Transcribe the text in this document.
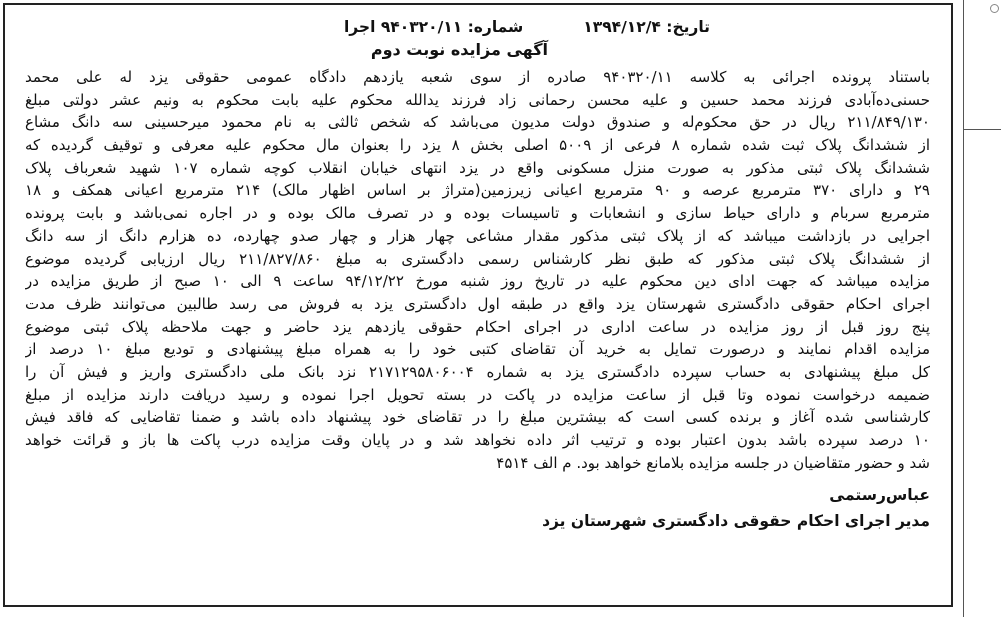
تاریخ: ۱۳۹۴/۱۲/۴
شماره: ۹۴۰۳۲۰/۱۱ اجرا
آگهی مزایده نوبت دوم
باستناد پرونده اجرائی به کلاسه ۹۴۰۳۲۰/۱۱ صادره از سوی شعبه یازدهم دادگاه عمومی حقوقی یزد له علی محمد
حسنی‌ده‌آبادی فرزند محمد حسین و علیه محسن رحمانی زاد فرزند یدالله محکوم علیه بابت محکوم به ونیم عشر دولتی مبلغ
۲۱۱/۸۴۹/۱۳۰ ریال در حق محکوم‌له و صندوق دولت مدیون می‌باشد که شخص ثالثی به نام محمود میرحسینی سه دانگ مشاع
از ششدانگ پلاک ثبت شده شماره ۸ فرعی از ۵۰۰۹ اصلی بخش ۸ یزد را بعنوان مال محکوم علیه معرفی و توقیف گردیده که
ششدانگ پلاک ثبتی مذکور به صورت منزل مسکونی واقع در یزد انتهای خیابان انقلاب کوچه شماره ۱۰۷ شهید شعرباف پلاک
۲۹ و دارای ۳۷۰ مترمربع عرصه و ۹۰ مترمربع اعیانی زیرزمین(متراژ بر اساس اظهار مالک) ۲۱۴ مترمربع اعیانی همکف و ۱۸
مترمربع سربام و دارای حیاط سازی و انشعابات و تاسیسات بوده و در تصرف مالک بوده و در اجاره نمی‌باشد و بابت پرونده
اجرایی در بازداشت میباشد که از پلاک ثبتی مذکور مقدار مشاعی چهار هزار و چهار صدو چهارده، ده هزارم دانگ از سه دانگ
از ششدانگ پلاک ثبتی مذکور که طبق نظر کارشناس رسمی دادگستری به مبلغ ۲۱۱/۸۲۷/۸۶۰ ریال ارزیابی گردیده موضوع
مزایده میباشد که جهت ادای دین محکوم علیه در تاریخ روز شنبه مورخ ۹۴/۱۲/۲۲ ساعت ۹ الی ۱۰ صبح از طریق مزایده در
اجرای احکام حقوقی دادگستری شهرستان یزد واقع در طبقه اول دادگستری یزد به فروش می رسد طالبین می‌توانند ظرف مدت
پنج روز قبل از روز مزایده در ساعت اداری در اجرای احکام حقوقی یازدهم یزد حاضر و جهت ملاحظه پلاک ثبتی موضوع
مزایده اقدام نمایند و درصورت تمایل به خرید آن تقاضای کتبی خود را به همراه مبلغ پیشنهادی و تودیع مبلغ ۱۰ درصد از
کل مبلغ پیشنهادی به حساب سپرده دادگستری یزد به شماره ۲۱۷۱۲۹۵۸۰۶۰۰۴ نزد بانک ملی دادگستری واریز و فیش آن را
ضمیمه درخواست نموده وتا قبل از ساعت مزایده در پاکت در بسته تحویل اجرا نموده و رسید دریافت دارند مزایده از مبلغ
کارشناسی شده آغاز و برنده کسی است که بیشترین مبلغ را در تقاضای خود پیشنهاد داده باشد و ضمنا تقاضایی که فاقد فیش
۱۰ درصد سپرده باشد بدون اعتبار بوده و ترتیب اثر داده نخواهد شد و در پایان وقت مزایده درب پاکت ها باز و قرائت خواهد
شد و حضور متقاضیان در جلسه مزایده بلامانع خواهد بود. م الف ۴۵۱۴
عباس‌رستمی
مدیر اجرای احکام حقوقی دادگستری شهرستان یزد
